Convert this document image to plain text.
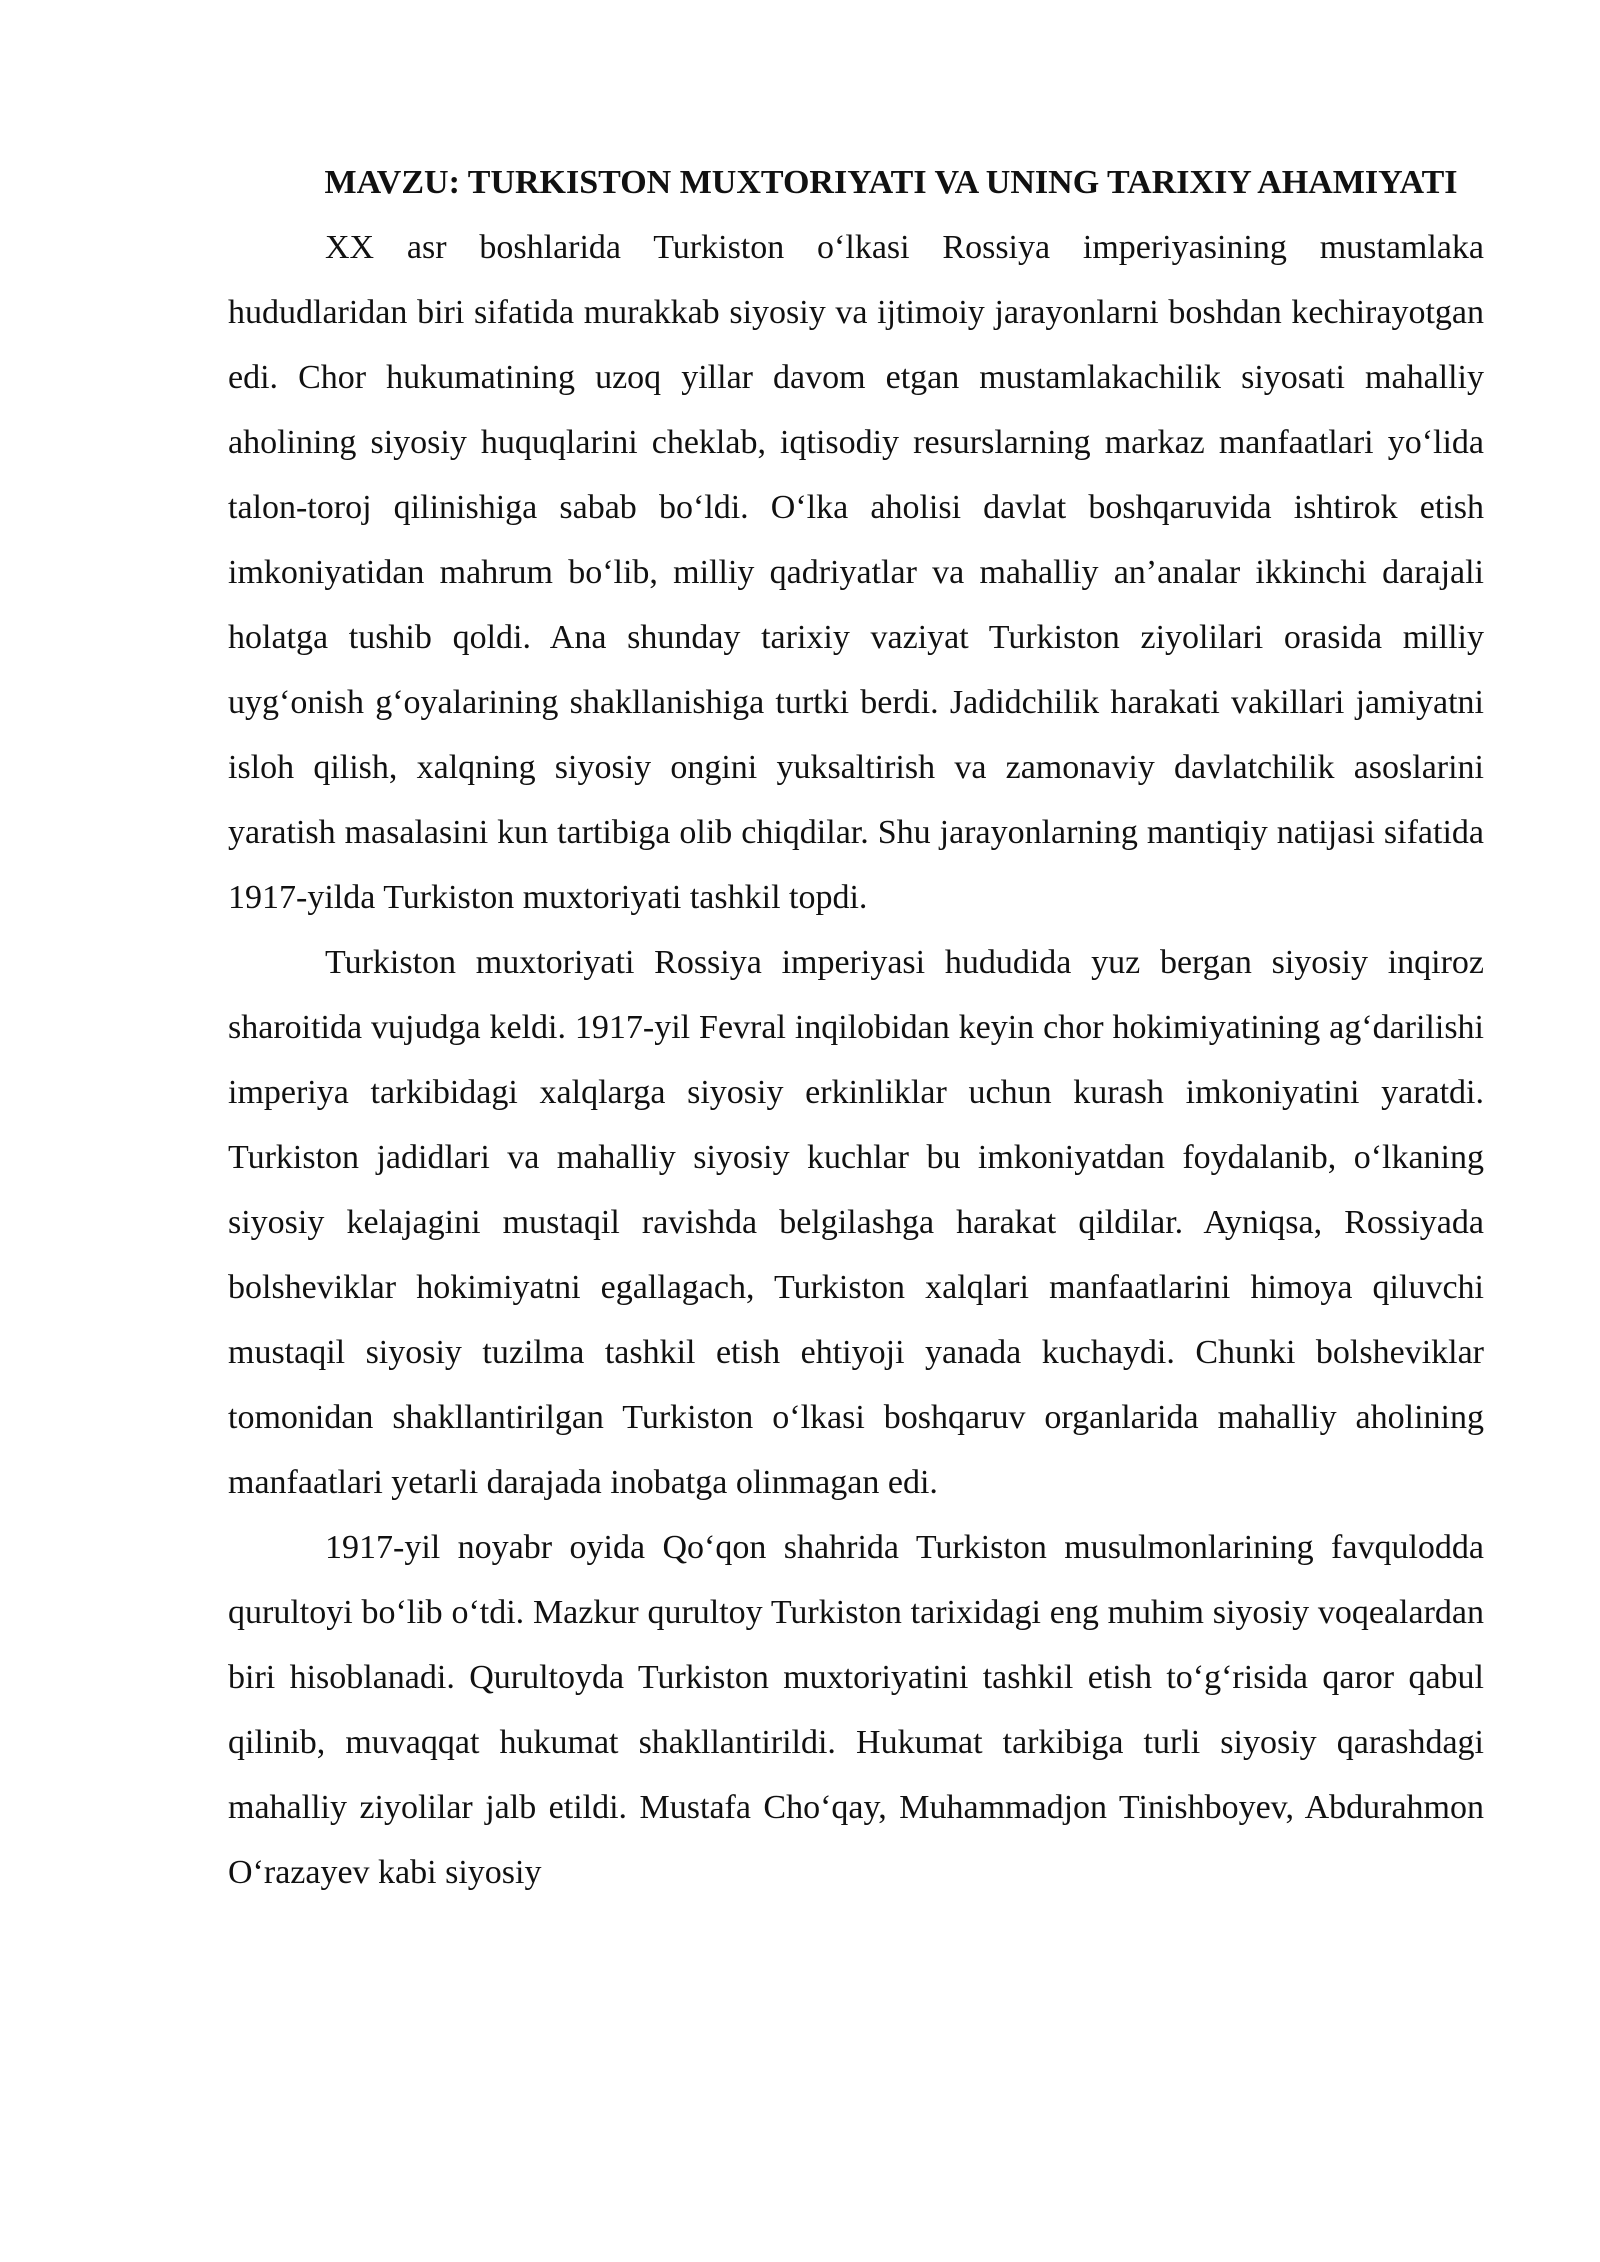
MAVZU: TURKISTON MUXTORIYATI VA UNING TARIXIY AHAMIYATI

XX asr boshlarida Turkiston oʻlkasi Rossiya imperiyasining mustamlaka hududlaridan biri sifatida murakkab siyosiy va ijtimoiy jarayonlarni boshdan kechirayotgan edi. Chor hukumatining uzoq yillar davom etgan mustamlakachilik siyosati mahalliy aholining siyosiy huquqlarini cheklab, iqtisodiy resurslarning markaz manfaatlari yoʻlida talon-toroj qilinishiga sabab boʻldi. Oʻlka aholisi davlat boshqaruvida ishtirok etish imkoniyatidan mahrum boʻlib, milliy qadriyatlar va mahalliy an’analar ikkinchi darajali holatga tushib qoldi. Ana shunday tarixiy vaziyat Turkiston ziyolilari orasida milliy uygʻonish gʻoyalarining shakllanishiga turtki berdi. Jadidchilik harakati vakillari jamiyatni isloh qilish, xalqning siyosiy ongini yuksaltirish va zamonaviy davlatchilik asoslarini yaratish masalasini kun tartibiga olib chiqdilar. Shu jarayonlarning mantiqiy natijasi sifatida 1917-yilda Turkiston muxtoriyati tashkil topdi.

Turkiston muxtoriyati Rossiya imperiyasi hududida yuz bergan siyosiy inqiroz sharoitida vujudga keldi. 1917-yil Fevral inqilobidan keyin chor hokimiyatining agʻdarilishi imperiya tarkibidagi xalqlarga siyosiy erkinliklar uchun kurash imkoniyatini yaratdi. Turkiston jadidlari va mahalliy siyosiy kuchlar bu imkoniyatdan foydalanib, oʻlkaning siyosiy kelajagini mustaqil ravishda belgilashga harakat qildilar. Ayniqsa, Rossiyada bolsheviklar hokimiyatni egallagach, Turkiston xalqlari manfaatlarini himoya qiluvchi mustaqil siyosiy tuzilma tashkil etish ehtiyoji yanada kuchaydi. Chunki bolsheviklar tomonidan shakllantirilgan Turkiston oʻlkasi boshqaruv organlarida mahalliy aholining manfaatlari yetarli darajada inobatga olinmagan edi.

1917-yil noyabr oyida Qoʻqon shahrida Turkiston musulmonlarining favqulodda qurultoyi boʻlib oʻtdi. Mazkur qurultoy Turkiston tarixidagi eng muhim siyosiy voqealardan biri hisoblanadi. Qurultoyda Turkiston muxtoriyatini tashkil etish toʻgʻrisida qaror qabul qilinib, muvaqqat hukumat shakllantirildi. Hukumat tarkibiga turli siyosiy qarashdagi mahalliy ziyolilar jalb etildi. Mustafa Choʻqay, Muhammadjon Tinishboyev, Abdurahmon Oʻrazayev kabi siyosiy
